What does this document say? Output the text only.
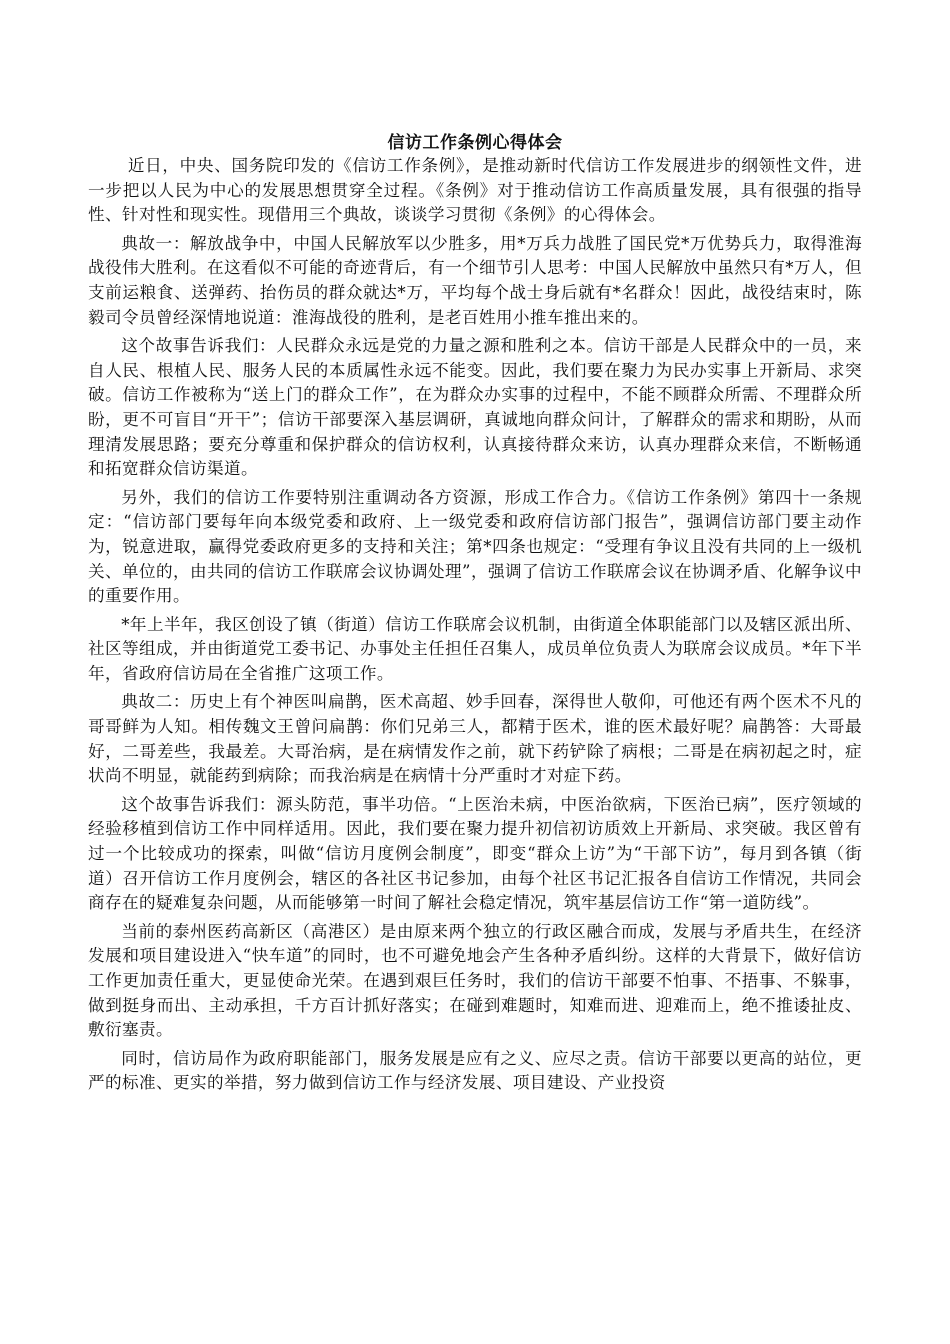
信访工作条例心得体会

近日，中央、国务院印发的《信访工作条例》，是推动新时代信访工作发展进步的纲领性文件，进一步把以人民为中心的发展思想贯穿全过程。《条例》对于推动信访工作高质量发展，具有很强的指导性、针对性和现实性。现借用三个典故，谈谈学习贯彻《条例》的心得体会。

典故一：解放战争中，中国人民解放军以少胜多，用*万兵力战胜了国民党*万优势兵力，取得淮海战役伟大胜利。在这看似不可能的奇迹背后，有一个细节引人思考：中国人民解放中虽然只有*万人，但支前运粮食、送弹药、抬伤员的群众就达*万，平均每个战士身后就有*名群众！因此，战役结束时，陈毅司令员曾经深情地说道：淮海战役的胜利，是老百姓用小推车推出来的。

这个故事告诉我们：人民群众永远是党的力量之源和胜利之本。信访干部是人民群众中的一员，来自人民、根植人民、服务人民的本质属性永远不能变。因此，我们要在聚力为民办实事上开新局、求突破。信访工作被称为“送上门的群众工作”，在为群众办实事的过程中，不能不顾群众所需、不理群众所盼，更不可盲目“开干”；信访干部要深入基层调研，真诚地向群众问计，了解群众的需求和期盼，从而理清发展思路；要充分尊重和保护群众的信访权利，认真接待群众来访，认真办理群众来信，不断畅通和拓宽群众信访渠道。

另外，我们的信访工作要特别注重调动各方资源，形成工作合力。《信访工作条例》第四十一条规定：“信访部门要每年向本级党委和政府、上一级党委和政府信访部门报告”，强调信访部门要主动作为，锐意进取，赢得党委政府更多的支持和关注；第*四条也规定：“受理有争议且没有共同的上一级机关、单位的，由共同的信访工作联席会议协调处理”，强调了信访工作联席会议在协调矛盾、化解争议中的重要作用。

*年上半年，我区创设了镇（街道）信访工作联席会议机制，由街道全体职能部门以及辖区派出所、社区等组成，并由街道党工委书记、办事处主任担任召集人，成员单位负责人为联席会议成员。*年下半年，省政府信访局在全省推广这项工作。

典故二：历史上有个神医叫扁鹊，医术高超、妙手回春，深得世人敬仰，可他还有两个医术不凡的哥哥鲜为人知。相传魏文王曾问扁鹊：你们兄弟三人，都精于医术，谁的医术最好呢？扁鹊答：大哥最好，二哥差些，我最差。大哥治病，是在病情发作之前，就下药铲除了病根；二哥是在病初起之时，症状尚不明显，就能药到病除；而我治病是在病情十分严重时才对症下药。

这个故事告诉我们：源头防范，事半功倍。“上医治未病，中医治欲病，下医治已病”，医疗领域的经验移植到信访工作中同样适用。因此，我们要在聚力提升初信初访质效上开新局、求突破。我区曾有过一个比较成功的探索，叫做“信访月度例会制度”，即变“群众上访”为“干部下访”，每月到各镇（街道）召开信访工作月度例会，辖区的各社区书记参加，由每个社区书记汇报各自信访工作情况，共同会商存在的疑难复杂问题，从而能够第一时间了解社会稳定情况，筑牢基层信访工作“第一道防线”。

当前的泰州医药高新区（高港区）是由原来两个独立的行政区融合而成，发展与矛盾共生，在经济发展和项目建设进入“快车道”的同时，也不可避免地会产生各种矛盾纠纷。这样的大背景下，做好信访工作更加责任重大，更显使命光荣。在遇到艰巨任务时，我们的信访干部要不怕事、不捂事、不躲事，做到挺身而出、主动承担，千方百计抓好落实；在碰到难题时，知难而进、迎难而上，绝不推诿扯皮、敷衍塞责。

同时，信访局作为政府职能部门，服务发展是应有之义、应尽之责。信访干部要以更高的站位，更严的标准、更实的举措，努力做到信访工作与经济发展、项目建设、产业投资
